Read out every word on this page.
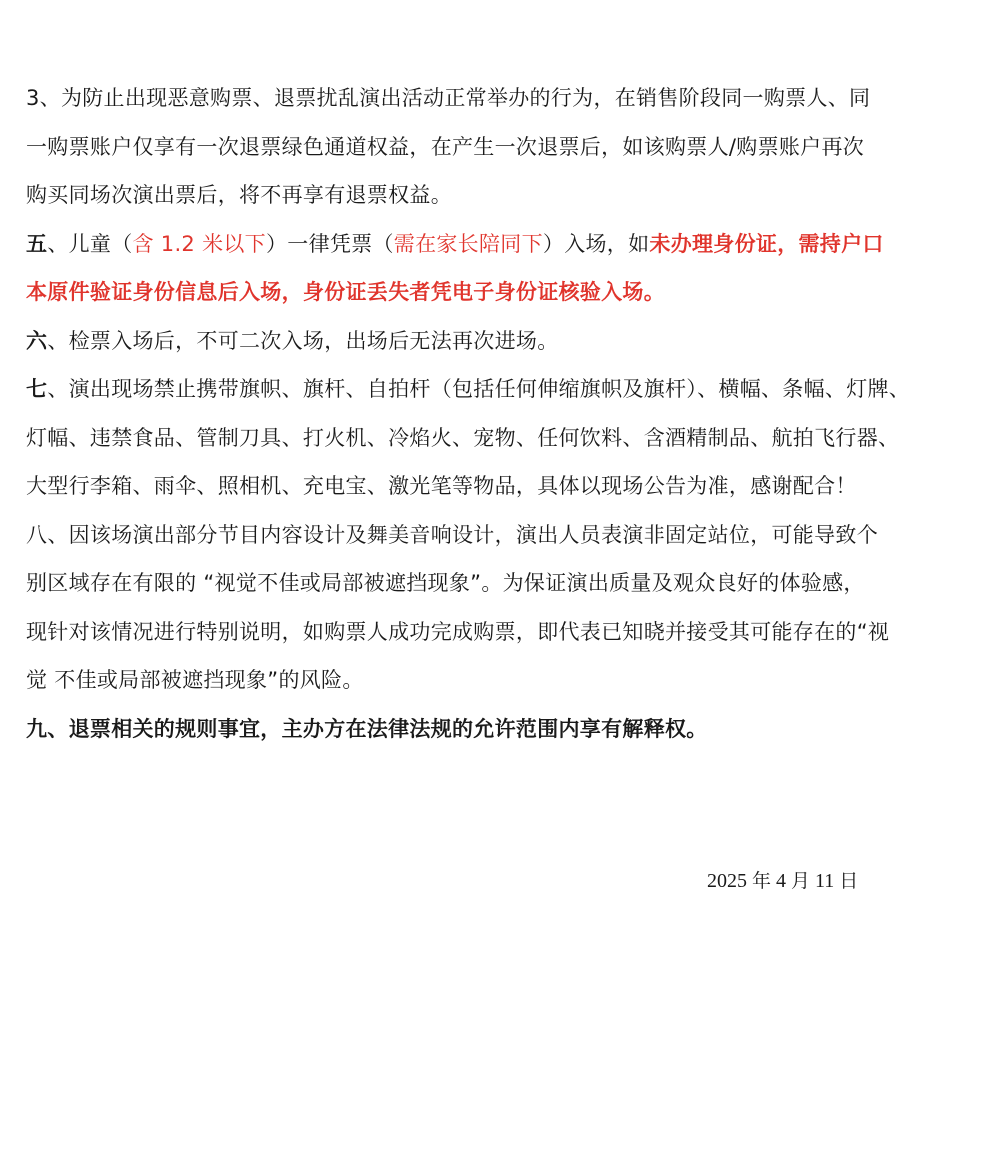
3、为防止出现恶意购票、退票扰乱演出活动正常举办的行为，在销售阶段同一购票人、同
一购票账户仅享有一次退票绿色通道权益，在产生一次退票后，如该购票人/购票账户再次
购买同场次演出票后，将不再享有退票权益。
五、儿童（含 1.2 米以下）一律凭票（需在家长陪同下）入场，如未办理身份证，需持户口
本原件验证身份信息后入场，身份证丢失者凭电子身份证核验入场。
六、检票入场后，不可二次入场，出场后无法再次进场。
七、演出现场禁止携带旗帜、旗杆、自拍杆（包括任何伸缩旗帜及旗杆）、横幅、条幅、灯牌、
灯幅、违禁食品、管制刀具、打火机、冷焰火、宠物、任何饮料、含酒精制品、航拍飞行器、
大型行李箱、雨伞、照相机、充电宝、激光笔等物品，具体以现场公告为准，感谢配合！
八、因该场演出部分节目内容设计及舞美音响设计，演出人员表演非固定站位，可能导致个
别区域存在有限的 “视觉不佳或局部被遮挡现象”。为保证演出质量及观众良好的体验感，
现针对该情况进行特别说明，如购票人成功完成购票，即代表已知晓并接受其可能存在的“视
觉 不佳或局部被遮挡现象”的风险。
九、退票相关的规则事宜，主办方在法律法规的允许范围内享有解释权。
2025 年 4 月 11 日
